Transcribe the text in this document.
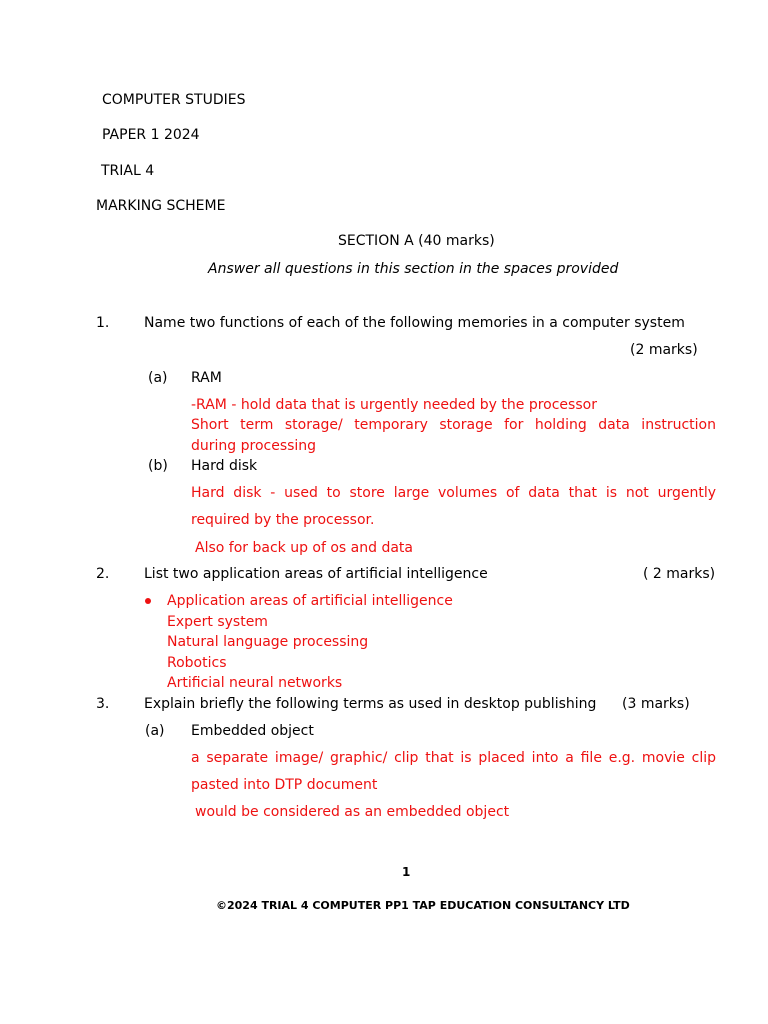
COMPUTER STUDIES
PAPER 1 2024
TRIAL 4
MARKING SCHEME
SECTION A (40 marks)
Answer all questions in this section in the spaces provided
1. Name two functions of each of the following memories in a computer system
(2 marks)
(a) RAM
-RAM - hold data that is urgently needed by the processor
Short term storage/ temporary storage for holding data instruction
during processing
(b) Hard disk
Hard disk - used to store large volumes of data that is not urgently
required by the processor.
Also for back up of os and data
2. List two application areas of artificial intelligence	( 2 marks)
Application areas of artificial intelligence
Expert system
Natural language processing
Robotics
Artificial neural networks
3. Explain briefly the following terms as used in desktop publishing (3 marks)
(a) Embedded object
a separate image/ graphic/ clip that is placed into a file e.g. movie clip
pasted into DTP document
would be considered as an embedded object
1
©2024 TRIAL 4 COMPUTER PP1 TAP EDUCATION CONSULTANCY LTD
